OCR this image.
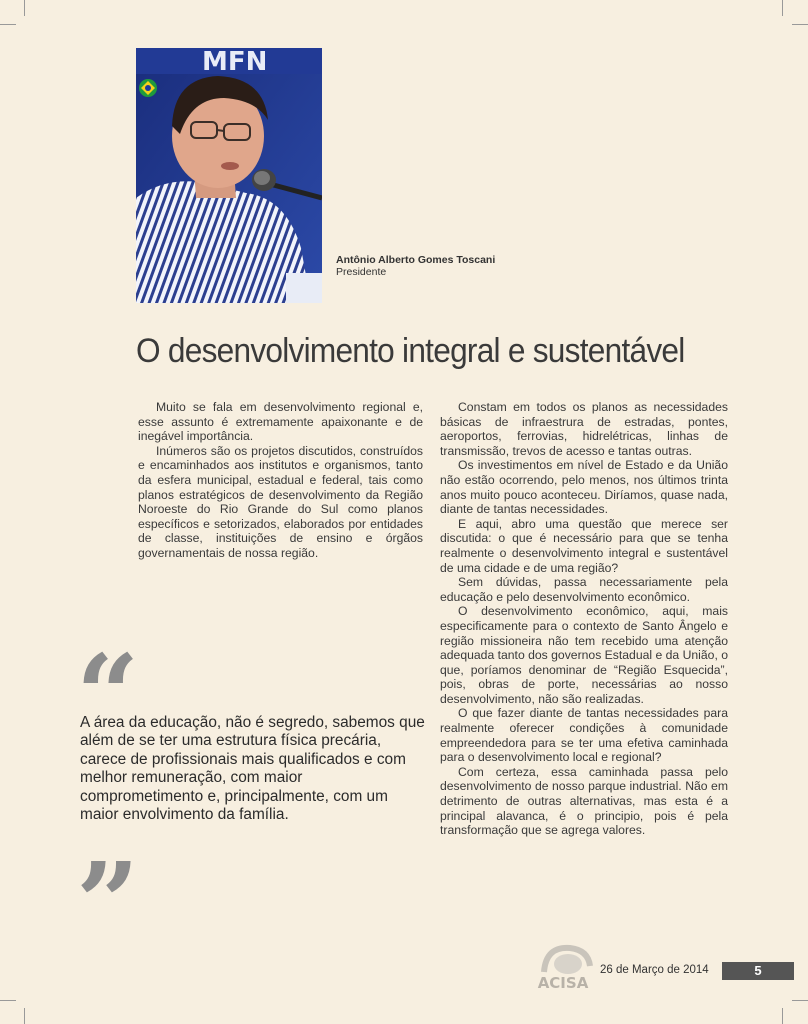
MFN
Antônio Alberto Gomes Toscani
Presidente
O desenvolvimento integral e sustentável

Muito se fala em desenvolvimento regional e, esse assunto é extremamente apaixonante e de inegável importância.

Inúmeros são os projetos discutidos, construídos e encaminhados aos institutos e organismos, tanto da esfera municipal, estadual e federal, tais como planos estratégicos de desenvolvimento da Região Noroeste do Rio Grande do Sul como planos específicos e setorizados, elaborados por entidades de classe, instituições de ensino e órgãos governamentais de nossa região.

Constam em todos os planos as necessidades básicas de infraestrura de estradas, pontes, aeroportos, ferrovias, hidrelétricas, linhas de transmissão, trevos de acesso e tantas outras.

Os investimentos em nível de Estado e da União não estão ocorrendo, pelo menos, nos últimos trinta anos muito pouco aconteceu. Diríamos, quase nada, diante de tantas necessidades.

E aqui, abro uma questão que merece ser discutida: o que é necessário para que se tenha realmente o desenvolvimento integral e sustentável de uma cidade e de uma região?

Sem dúvidas, passa necessariamente pela educação e pelo desenvolvimento econômico.

O desenvolvimento econômico, aqui, mais especificamente para o contexto de Santo Ângelo e região missioneira não tem recebido uma atenção adequada tanto dos governos Estadual e da União, o que, poríamos denominar de “Região Esquecida”, pois, obras de porte, necessárias ao nosso desenvolvimento, não são realizadas.

O que fazer diante de tantas necessidades para realmente oferecer condições à comunidade empreendedora para se ter uma efetiva caminhada para o desenvolvimento local e regional?

Com certeza, essa caminhada passa pelo desenvolvimento de nosso parque industrial. Não em detrimento de outras alternativas, mas esta é a principal alavanca, é o principio, pois é pela transformação que se agrega valores.

“
A área da educação, não é segredo, sabemos que além de se ter uma estrutura física precária, carece de profissionais mais qualificados e com melhor remuneração, com maior comprometimento e, principalmente, com um maior envolvimento da família.
”
ACISA
26 de Março de 2014	5
